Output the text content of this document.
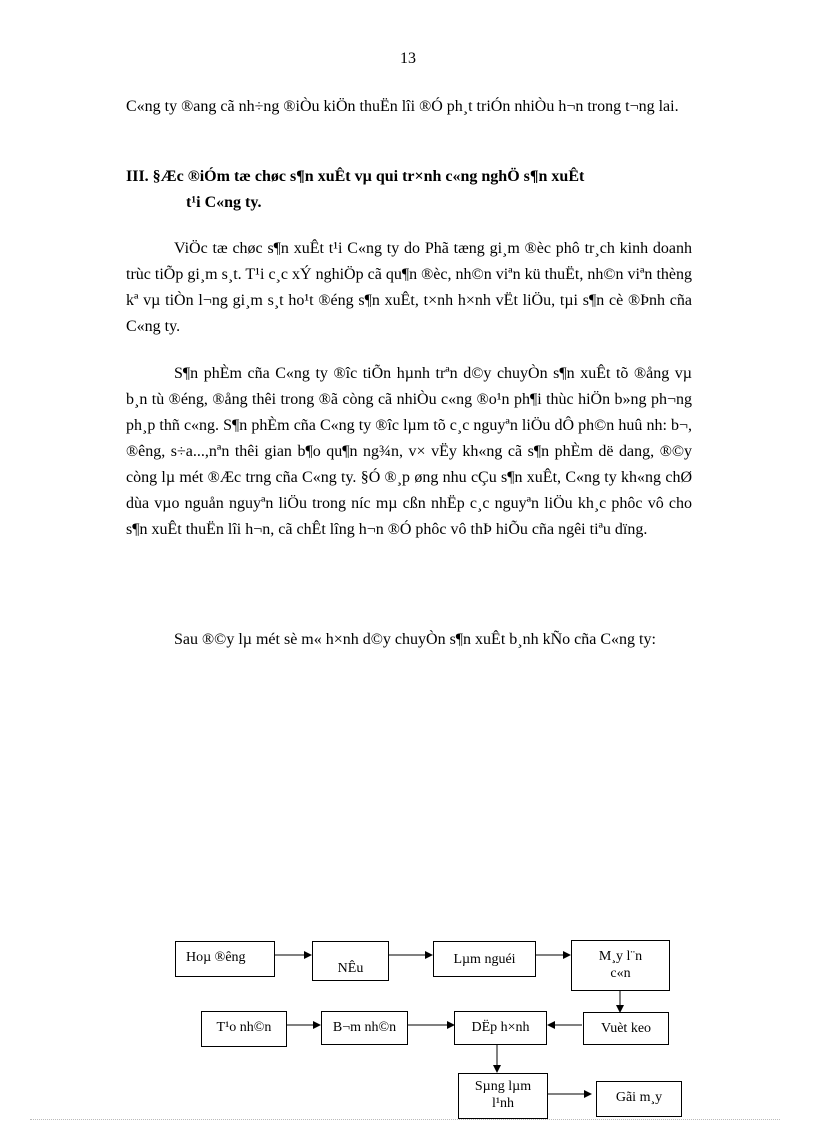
13

C«ng ty ®ang cã nh÷ng ®iÒu kiÖn thuËn lîi ®Ó ph¸t triÓn nhiÒu h¬n trong t¬ng lai.

III. §Æc ®iÓm tæ chøc s¶n xuÊt vµ qui tr×nh c«ng nghÖ s¶n xuÊt
t¹i C«ng ty.

ViÖc tæ chøc s¶n xuÊt t¹i C«ng ty do Phã tæng gi¸m ®èc phô tr¸ch kinh doanh trùc tiÕp gi¸m s¸t. T¹i c¸c xÝ nghiÖp cã qu¶n ®èc, nh©n viªn kü thuËt, nh©n viªn thèng kª vµ tiÒn l¬ng gi¸m s¸t ho¹t ®éng s¶n xuÊt, t×nh h×nh vËt liÖu, tµi s¶n cè ®Þnh cña C«ng ty.

S¶n phÈm cña C«ng ty ®îc tiÕn hµnh trªn d©y chuyÒn s¶n xuÊt tõ ®ång vµ b¸n tù ®éng, ®ång thêi trong ®ã còng cã nhiÒu c«ng ®o¹n ph¶i thùc hiÖn b»ng ph¬ng ph¸p thñ c«ng. S¶n phÈm cña C«ng ty ®îc lµm tõ c¸c nguyªn liÖu dÔ ph©n huû nh: b¬, ®êng, s÷a...,nªn thêi gian b¶o qu¶n ng¾n, v× vËy kh«ng cã s¶n phÈm dë dang, ®©y còng lµ mét ®Æc trng cña C«ng ty. §Ó ®¸p øng nhu cÇu s¶n xuÊt, C«ng ty kh«ng chØ dùa vµo nguån nguyªn liÖu trong níc mµ cßn nhËp c¸c nguyªn liÖu kh¸c phôc vô cho s¶n xuÊt thuËn lîi h¬n, cã chÊt lîng h¬n ®Ó phôc vô thÞ hiÕu cña ngêi tiªu dïng.

Sau ®©y lµ mét sè m« h×nh d©y chuyÒn s¶n xuÊt b¸nh kÑo cña C«ng ty:

Hoµ ®êng
NÊu
Lµm nguéi	M¸y l¨n c«n
Vuèt keo
DËp h×nh
B¬m nh©n
T¹o nh©n
Sµng lµm l¹nh	Gãi m¸y
